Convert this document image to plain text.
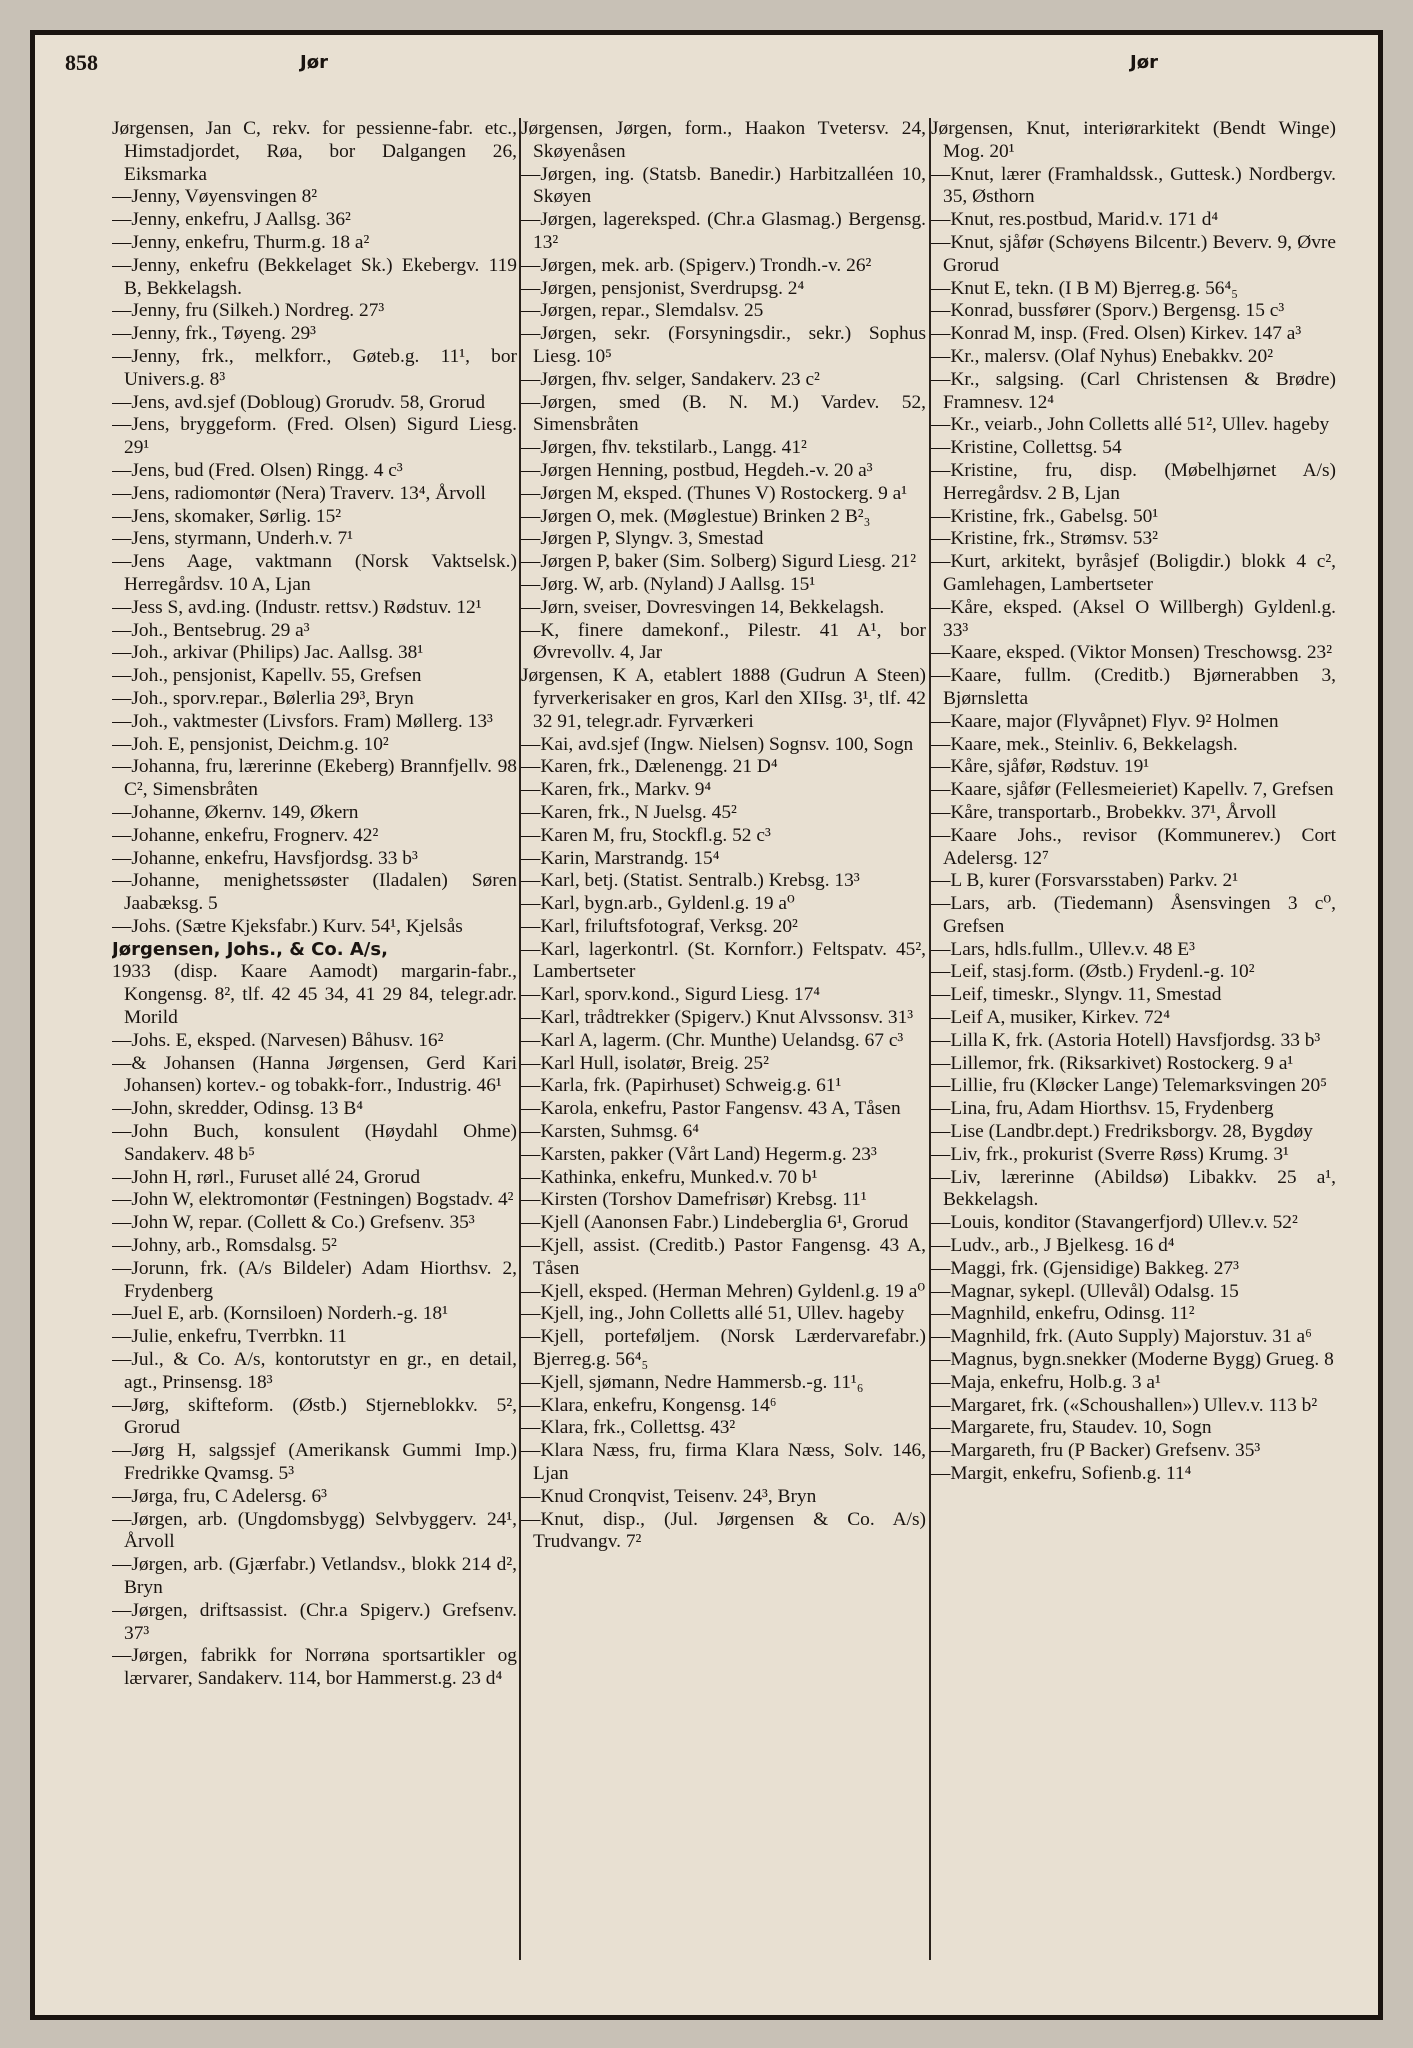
858	Jør	Jør

Jørgensen, Jan C, rekv. for pessienne-fabr. etc., Himstadjordet, Røa, bor Dalgangen 26, Eiksmarka

—Jenny, Vøyensvingen 8²

—Jenny, enkefru, J Aallsg. 36²

—Jenny, enkefru, Thurm.g. 18 a²

—Jenny, enkefru (Bekkelaget Sk.) Ekebergv. 119 B, Bekkelagsh.

—Jenny, fru (Silkeh.) Nordreg. 27³

—Jenny, frk., Tøyeng. 29³

—Jenny, frk., melkforr., Gøteb.g. 11¹, bor Univers.g. 8³

—Jens, avd.sjef (Dobloug) Grorudv. 58, Grorud

—Jens, bryggeform. (Fred. Olsen) Sigurd Liesg. 29¹

—Jens, bud (Fred. Olsen) Ringg. 4 c³

—Jens, radiomontør (Nera) Traverv. 13⁴, Årvoll

—Jens, skomaker, Sørlig. 15²

—Jens, styrmann, Underh.v. 7¹

—Jens Aage, vaktmann (Norsk Vaktselsk.) Herregårdsv. 10 A, Ljan

—Jess S, avd.ing. (Industr. rettsv.) Rødstuv. 12¹

—Joh., Bentsebrug. 29 a³

—Joh., arkivar (Philips) Jac. Aallsg. 38¹

—Joh., pensjonist, Kapellv. 55, Grefsen

—Joh., sporv.repar., Bølerlia 29³, Bryn

—Joh., vaktmester (Livsfors. Fram) Møllerg. 13³

—Joh. E, pensjonist, Deichm.g. 10²

—Johanna, fru, lærerinne (Ekeberg) Brannfjellv. 98 C², Simensbråten

—Johanne, Økernv. 149, Økern

—Johanne, enkefru, Frognerv. 42²

—Johanne, enkefru, Havsfjordsg. 33 b³

—Johanne, menighetssøster (Iladalen) Søren Jaabæksg. 5

—Johs. (Sætre Kjeksfabr.) Kurv. 54¹, Kjelsås

Jørgensen, Johs., & Co. A/s,

1933 (disp. Kaare Aamodt) margarin-fabr., Kongensg. 8², tlf. 42 45 34, 41 29 84, telegr.adr. Morild

—Johs. E, eksped. (Narvesen) Båhusv. 16²

—& Johansen (Hanna Jørgensen, Gerd Kari Johansen) kortev.- og tobakk-forr., Industrig. 46¹

—John, skredder, Odinsg. 13 B⁴

—John Buch, konsulent (Høydahl Ohme) Sandakerv. 48 b⁵

—John H, rørl., Furuset allé 24, Grorud

—John W, elektromontør (Festningen) Bogstadv. 4²

—John W, repar. (Collett & Co.) Grefsenv. 35³

—Johny, arb., Romsdalsg. 5²

—Jorunn, frk. (A/s Bildeler) Adam Hiorthsv. 2, Frydenberg

—Juel E, arb. (Kornsiloen) Norderh.-g. 18¹

—Julie, enkefru, Tverrbkn. 11

—Jul., & Co. A/s, kontorutstyr en gr., en detail, agt., Prinsensg. 18³

—Jørg, skifteform. (Østb.) Stjerneblokkv. 5², Grorud

—Jørg H, salgssjef (Amerikansk Gummi Imp.) Fredrikke Qvamsg. 5³

—Jørga, fru, C Adelersg. 6³

—Jørgen, arb. (Ungdomsbygg) Selvbyggerv. 24¹, Årvoll

—Jørgen, arb. (Gjærfabr.) Vetlandsv., blokk 214 d², Bryn

—Jørgen, driftsassist. (Chr.a Spigerv.) Grefsenv. 37³

—Jørgen, fabrikk for Norrøna sportsartikler og lærvarer, Sandakerv. 114, bor Hammerst.g. 23 d⁴

Jørgensen, Jørgen, form., Haakon Tvetersv. 24, Skøyenåsen

—Jørgen, ing. (Statsb. Banedir.) Harbitzalléen 10, Skøyen

—Jørgen, lagereksped. (Chr.a Glasmag.) Bergensg. 13²

—Jørgen, mek. arb. (Spigerv.) Trondh.-v. 26²

—Jørgen, pensjonist, Sverdrupsg. 2⁴

—Jørgen, repar., Slemdalsv. 25

—Jørgen, sekr. (Forsyningsdir., sekr.) Sophus Liesg. 10⁵

—Jørgen, fhv. selger, Sandakerv. 23 c²

—Jørgen, smed (B. N. M.) Vardev. 52, Simensbråten

—Jørgen, fhv. tekstilarb., Langg. 41²

—Jørgen Henning, postbud, Hegdeh.-v. 20 a³

—Jørgen M, eksped. (Thunes V) Rostockerg. 9 a¹

—Jørgen O, mek. (Møglestue) Brinken 2 B²₃

—Jørgen P, Slyngv. 3, Smestad

—Jørgen P, baker (Sim. Solberg) Sigurd Liesg. 21²

—Jørg. W, arb. (Nyland) J Aallsg. 15¹

—Jørn, sveiser, Dovresvingen 14, Bekkelagsh.

—K, finere damekonf., Pilestr. 41 A¹, bor Øvrevollv. 4, Jar

Jørgensen, K A, etablert 1888 (Gudrun A Steen) fyrverkerisaker en gros, Karl den XIIsg. 3¹, tlf. 42 32 91, telegr.adr. Fyrværkeri

—Kai, avd.sjef (Ingw. Nielsen) Sognsv. 100, Sogn

—Karen, frk., Dælenengg. 21 D⁴

—Karen, frk., Markv. 9⁴

—Karen, frk., N Juelsg. 45²

—Karen M, fru, Stockfl.g. 52 c³

—Karin, Marstrandg. 15⁴

—Karl, betj. (Statist. Sentralb.) Krebsg. 13³

—Karl, bygn.arb., Gyldenl.g. 19 a⁰

—Karl, friluftsfotograf, Verksg. 20²

—Karl, lagerkontrl. (St. Kornforr.) Feltspatv. 45², Lambertseter

—Karl, sporv.kond., Sigurd Liesg. 17⁴

—Karl, trådtrekker (Spigerv.) Knut Alvssonsv. 31³

—Karl A, lagerm. (Chr. Munthe) Uelandsg. 67 c³

—Karl Hull, isolatør, Breig. 25²

—Karla, frk. (Papirhuset) Schweig.g. 61¹

—Karola, enkefru, Pastor Fangensv. 43 A, Tåsen

—Karsten, Suhmsg. 6⁴

—Karsten, pakker (Vårt Land) Hegerm.g. 23³

—Kathinka, enkefru, Munked.v. 70 b¹

—Kirsten (Torshov Damefrisør) Krebsg. 11¹

—Kjell (Aanonsen Fabr.) Lindeberglia 6¹, Grorud

—Kjell, assist. (Creditb.) Pastor Fangensg. 43 A, Tåsen

—Kjell, eksped. (Herman Mehren) Gyldenl.g. 19 a⁰

—Kjell, ing., John Colletts allé 51, Ullev. hageby

—Kjell, porteføljem. (Norsk Lærdervarefabr.) Bjerreg.g. 56⁴₅

—Kjell, sjømann, Nedre Hammersb.-g. 11¹₆

—Klara, enkefru, Kongensg. 14⁶

—Klara, frk., Collettsg. 43²

—Klara Næss, fru, firma Klara Næss, Solv. 146, Ljan

—Knud Cronqvist, Teisenv. 24³, Bryn

—Knut, disp., (Jul. Jørgensen & Co. A/s) Trudvangv. 7²

Jørgensen, Knut, interiørarkitekt (Bendt Winge) Mog. 20¹

—Knut, lærer (Framhaldssk., Guttesk.) Nordbergv. 35, Østhorn

—Knut, res.postbud, Marid.v. 171 d⁴

—Knut, sjåfør (Schøyens Bilcentr.) Beverv. 9, Øvre Grorud

—Knut E, tekn. (I B M) Bjerreg.g. 56⁴₅

—Konrad, bussfører (Sporv.) Bergensg. 15 c³

—Konrad M, insp. (Fred. Olsen) Kirkev. 147 a³

—Kr., malersv. (Olaf Nyhus) Enebakkv. 20²

—Kr., salgsing. (Carl Christensen & Brødre) Framnesv. 12⁴

—Kr., veiarb., John Colletts allé 51², Ullev. hageby

—Kristine, Collettsg. 54

—Kristine, fru, disp. (Møbelhjørnet A/s) Herregårdsv. 2 B, Ljan

—Kristine, frk., Gabelsg. 50¹

—Kristine, frk., Strømsv. 53²

—Kurt, arkitekt, byråsjef (Boligdir.) blokk 4 c², Gamlehagen, Lambertseter

—Kåre, eksped. (Aksel O Willbergh) Gyldenl.g. 33³

—Kaare, eksped. (Viktor Monsen) Treschowsg. 23²

—Kaare, fullm. (Creditb.) Bjørnerabben 3, Bjørnsletta

—Kaare, major (Flyvåpnet) Flyv. 9² Holmen

—Kaare, mek., Steinliv. 6, Bekkelagsh.

—Kåre, sjåfør, Rødstuv. 19¹

—Kaare, sjåfør (Fellesmeieriet) Kapellv. 7, Grefsen

—Kåre, transportarb., Brobekkv. 37¹, Årvoll

—Kaare Johs., revisor (Kommunerev.) Cort Adelersg. 12⁷

—L B, kurer (Forsvarsstaben) Parkv. 2¹

—Lars, arb. (Tiedemann) Åsensvingen 3 c⁰, Grefsen

—Lars, hdls.fullm., Ullev.v. 48 E³

—Leif, stasj.form. (Østb.) Frydenl.-g. 10²

—Leif, timeskr., Slyngv. 11, Smestad

—Leif A, musiker, Kirkev. 72⁴

—Lilla K, frk. (Astoria Hotell) Havsfjordsg. 33 b³

—Lillemor, frk. (Riksarkivet) Rostockerg. 9 a¹

—Lillie, fru (Kløcker Lange) Telemarksvingen 20⁵

—Lina, fru, Adam Hiorthsv. 15, Frydenberg

—Lise (Landbr.dept.) Fredriksborgv. 28, Bygdøy

—Liv, frk., prokurist (Sverre Røss) Krumg. 3¹

—Liv, lærerinne (Abildsø) Libakkv. 25 a¹, Bekkelagsh.

—Louis, konditor (Stavangerfjord) Ullev.v. 52²

—Ludv., arb., J Bjelkesg. 16 d⁴

—Maggi, frk. (Gjensidige) Bakkeg. 27³

—Magnar, sykepl. (Ullevål) Odalsg. 15

—Magnhild, enkefru, Odinsg. 11²

—Magnhild, frk. (Auto Supply) Majorstuv. 31 a⁶

—Magnus, bygn.snekker (Moderne Bygg) Grueg. 8

—Maja, enkefru, Holb.g. 3 a¹

—Margaret, frk. («Schoushallen») Ullev.v. 113 b²

—Margarete, fru, Staudev. 10, Sogn

—Margareth, fru (P Backer) Grefsenv. 35³

—Margit, enkefru, Sofienb.g. 11⁴
